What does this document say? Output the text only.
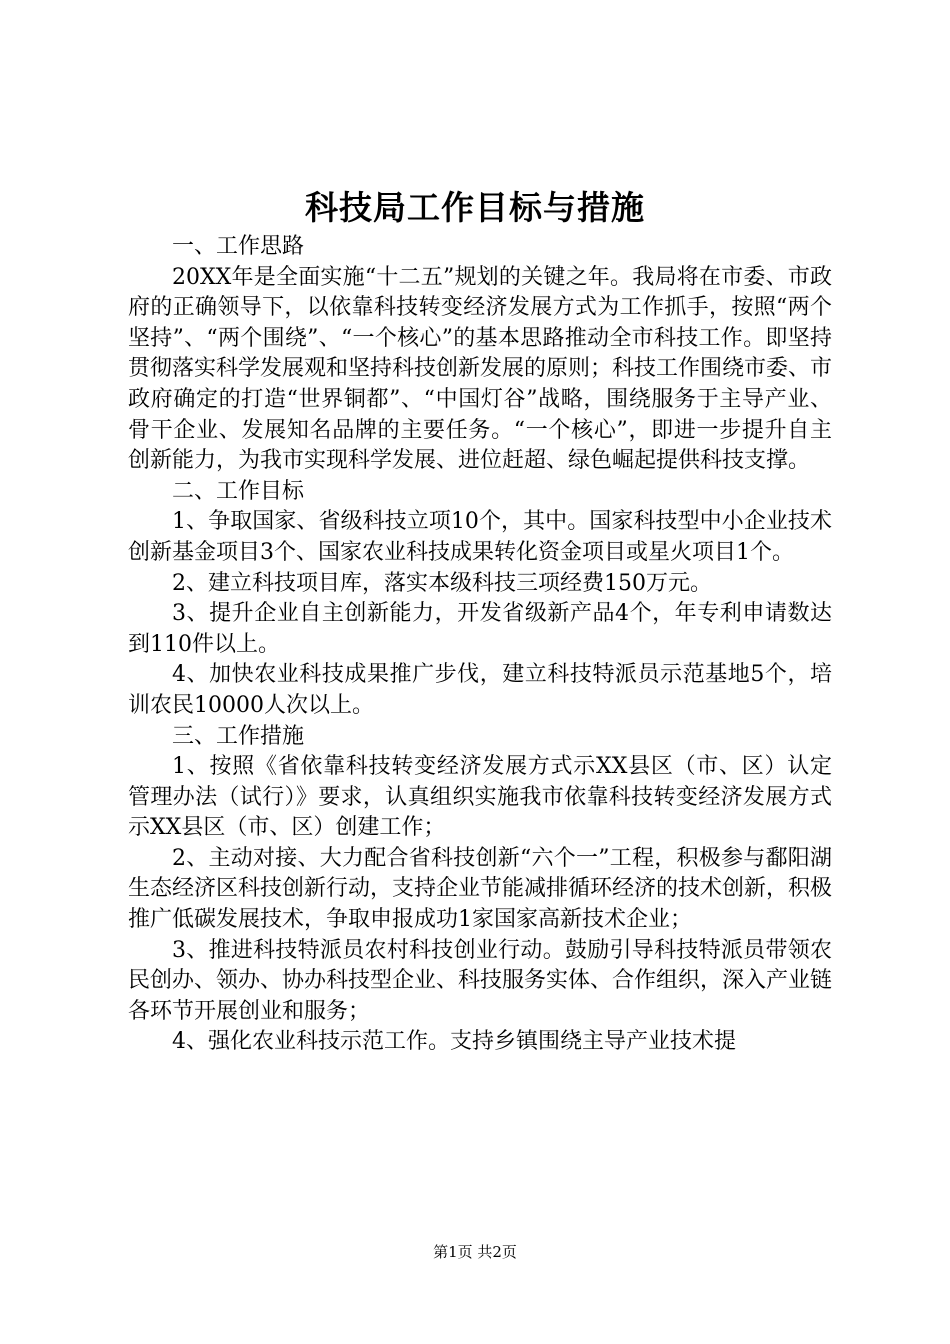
科技局工作目标与措施

一、工作思路

20XX年是全面实施“十二五”规划的关键之年。我局将在市委、市政府的正确领导下，以依靠科技转变经济发展方式为工作抓手，按照“两个坚持”、“两个围绕”、“一个核心”的基本思路推动全市科技工作。即坚持贯彻落实科学发展观和坚持科技创新发展的原则；科技工作围绕市委、市政府确定的打造“世界铜都”、“中国灯谷”战略，围绕服务于主导产业、骨干企业、发展知名品牌的主要任务。“一个核心”，即进一步提升自主创新能力，为我市实现科学发展、进位赶超、绿色崛起提供科技支撑。

二、工作目标

1、争取国家、省级科技立项10个，其中。国家科技型中小企业技术创新基金项目3个、国家农业科技成果转化资金项目或星火项目1个。

2、建立科技项目库，落实本级科技三项经费150万元。

3、提升企业自主创新能力，开发省级新产品4个，年专利申请数达到110件以上。

4、加快农业科技成果推广步伐，建立科技特派员示范基地5个，培训农民10000人次以上。

三、工作措施

1、按照《省依靠科技转变经济发展方式示XX县区（市、区）认定管理办法（试行）》要求，认真组织实施我市依靠科技转变经济发展方式示XX县区（市、区）创建工作；

2、主动对接、大力配合省科技创新“六个一”工程，积极参与鄱阳湖生态经济区科技创新行动，支持企业节能减排循环经济的技术创新，积极推广低碳发展技术，争取申报成功1家国家高新技术企业；

3、推进科技特派员农村科技创业行动。鼓励引导科技特派员带领农民创办、领办、协办科技型企业、科技服务实体、合作组织，深入产业链各环节开展创业和服务；

4、强化农业科技示范工作。支持乡镇围绕主导产业技术提

第1页 共2页
